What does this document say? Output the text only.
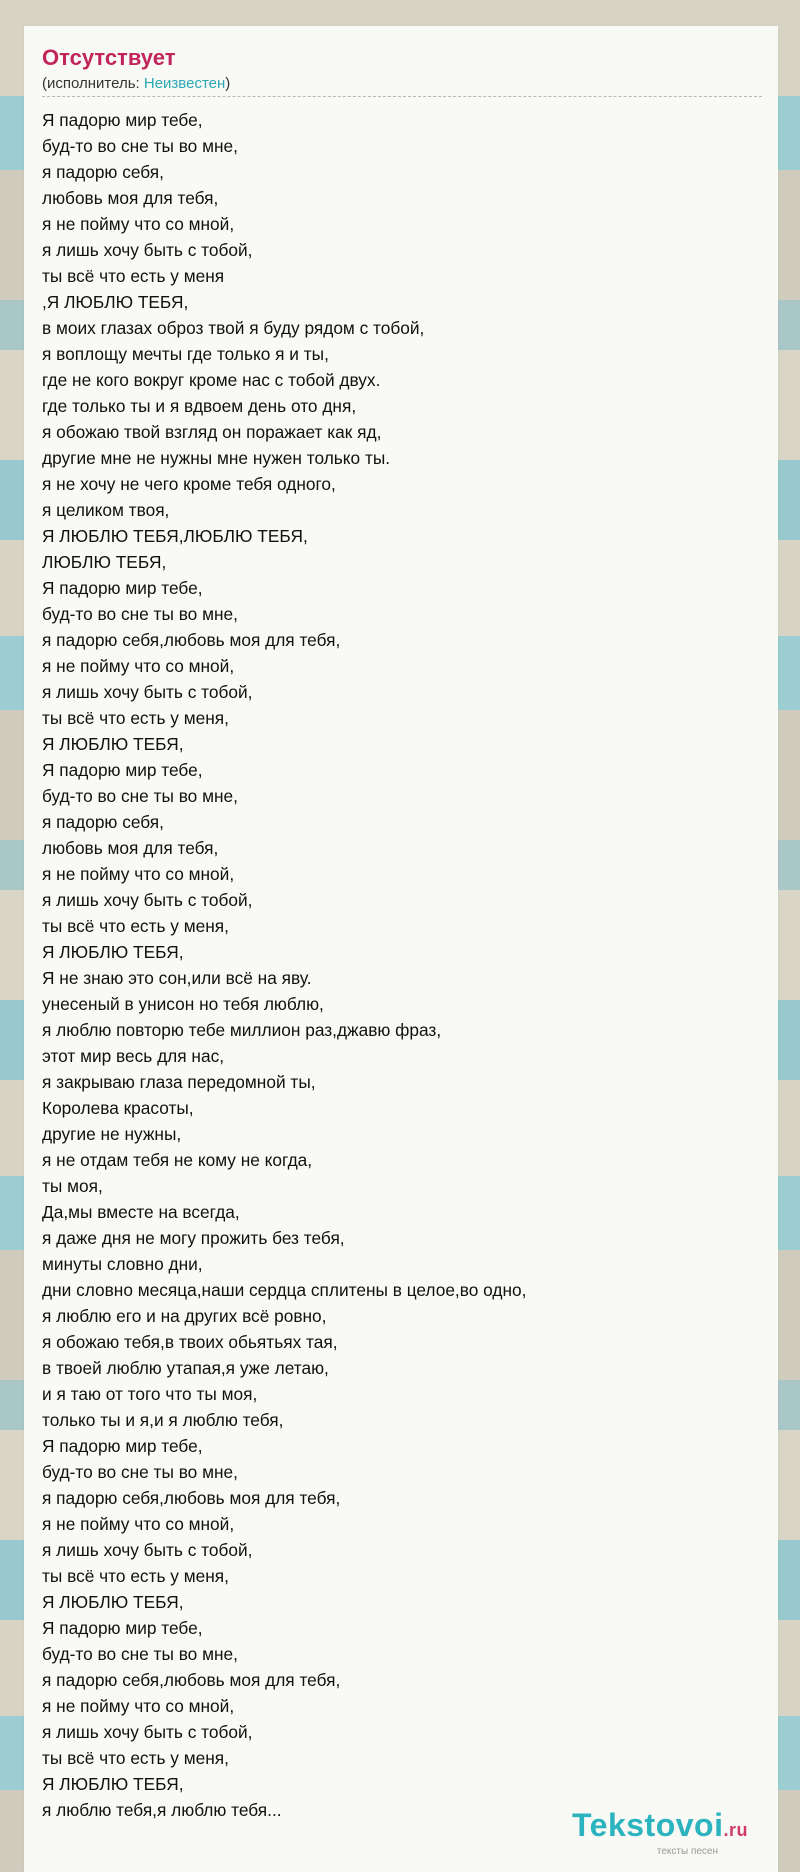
Отсутствует
(исполнитель: Неизвестен)
Я падорю мир тебе,
буд-то во сне ты во мне,
я падорю себя,
любовь моя для тебя,
я не пойму что со мной,
я лишь хочу быть с тобой,
ты всё что есть у меня
,Я ЛЮБЛЮ ТЕБЯ,
в моих глазах оброз твой я буду рядом с тобой,
я воплощу мечты где только я и ты,
где не кого вокруг кроме нас с тобой двух.
где только ты и я вдвоем день ото дня,
я обожаю твой взгляд он поражает как яд,
другие мне не нужны мне нужен только ты.
я не хочу не чего кроме тебя одного,
я целиком твоя,
Я ЛЮБЛЮ ТЕБЯ,ЛЮБЛЮ ТЕБЯ,
ЛЮБЛЮ ТЕБЯ,
Я падорю мир тебе,
буд-то во сне ты во мне,
я падорю себя,любовь моя для тебя,
я не пойму что со мной,
я лишь хочу быть с тобой,
ты всё что есть у меня,
Я ЛЮБЛЮ ТЕБЯ,
Я падорю мир тебе,
буд-то во сне ты во мне,
я падорю себя,
любовь моя для тебя,
я не пойму что со мной,
я лишь хочу быть с тобой,
ты всё что есть у меня,
Я ЛЮБЛЮ ТЕБЯ,
Я не знаю это сон,или всё на яву.
унесеный в унисон но тебя люблю,
я люблю повторю тебе миллион раз,джавю фраз,
этот мир весь для нас,
я закрываю глаза передомной ты,
Королева красоты,
другие не нужны,
я не отдам тебя не кому не когда,
ты моя,
Да,мы вместе на всегда,
я даже дня не могу прожить без тебя,
минуты словно дни,
дни словно месяца,наши сердца сплитены в целое,во одно,
я люблю его и на других всё ровно,
я обожаю тебя,в твоих обьятьях тая,
в твоей люблю утапая,я уже летаю,
и я таю от того что ты моя,
только ты и я,и я люблю тебя,
Я падорю мир тебе,
буд-то во сне ты во мне,
я падорю себя,любовь моя для тебя,
я не пойму что со мной,
я лишь хочу быть с тобой,
ты всё что есть у меня,
Я ЛЮБЛЮ ТЕБЯ,
Я падорю мир тебе,
буд-то во сне ты во мне,
я падорю себя,любовь моя для тебя,
я не пойму что со мной,
я лишь хочу быть с тобой,
ты всё что есть у меня,
Я ЛЮБЛЮ ТЕБЯ,
я люблю тебя,я люблю тебя...	Tekstovoi.ru
тексты песен
